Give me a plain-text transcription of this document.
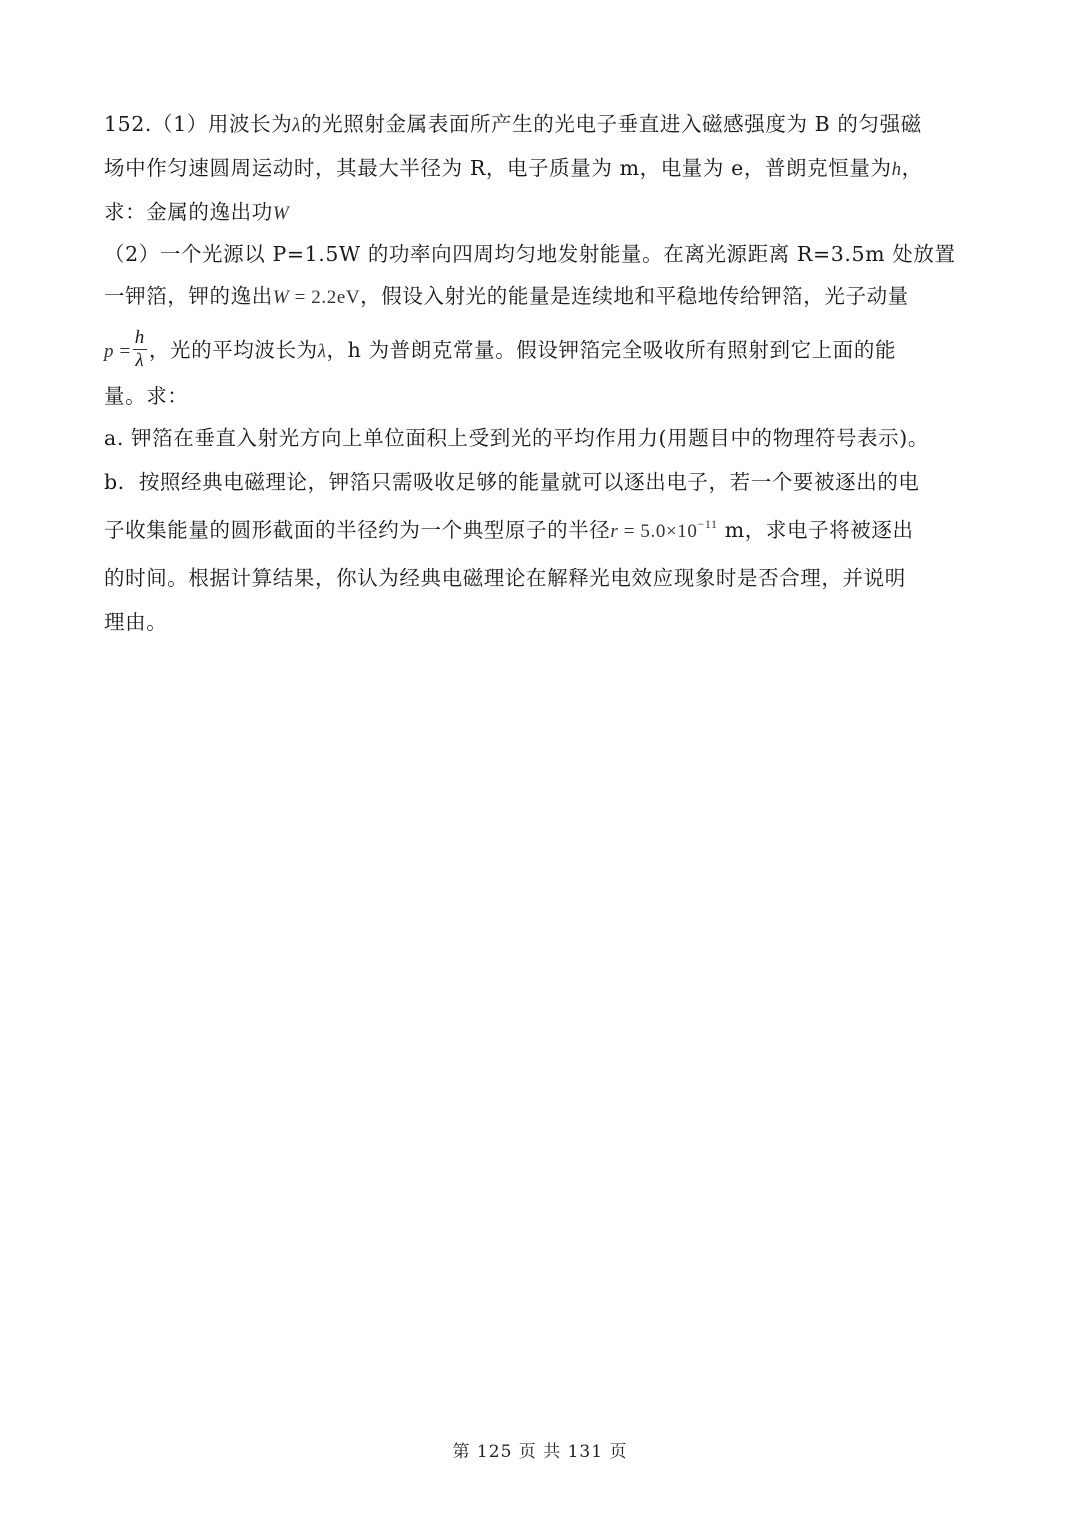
152.（1）用波长为λ的光照射金属表面所产生的光电子垂直进入磁感强度为 B 的匀强磁
场中作匀速圆周运动时，其最大半径为 R，电子质量为 m，电量为 e，普朗克恒量为h，
求：金属的逸出功W
（2）一个光源以 P=1.5W 的功率向四周均匀地发射能量。在离光源距离 R=3.5m 处放置
一钾箔，钾的逸出W = 2.2eV，假设入射光的能量是连续地和平稳地传给钾箔，光子动量
$p = \frac{h}{\lambda}$ ，光的平均波长为λ，h 为普朗克常量。假设钾箔完全吸收所有照射到它上面的能
量。求：
a. 钾箔在垂直入射光方向上单位面积上受到光的平均作用力(用题目中的物理符号表示)。
b．按照经典电磁理论，钾箔只需吸收足够的能量就可以逐出电子，若一个要被逐出的电
子收集能量的圆形截面的半径约为一个典型原子的半径$r = 5.0\times 10^{-11}$ m，求电子将被逐出
的时间。根据计算结果，你认为经典电磁理论在解释光电效应现象时是否合理，并说明
理由。
第 125 页 共 131 页
